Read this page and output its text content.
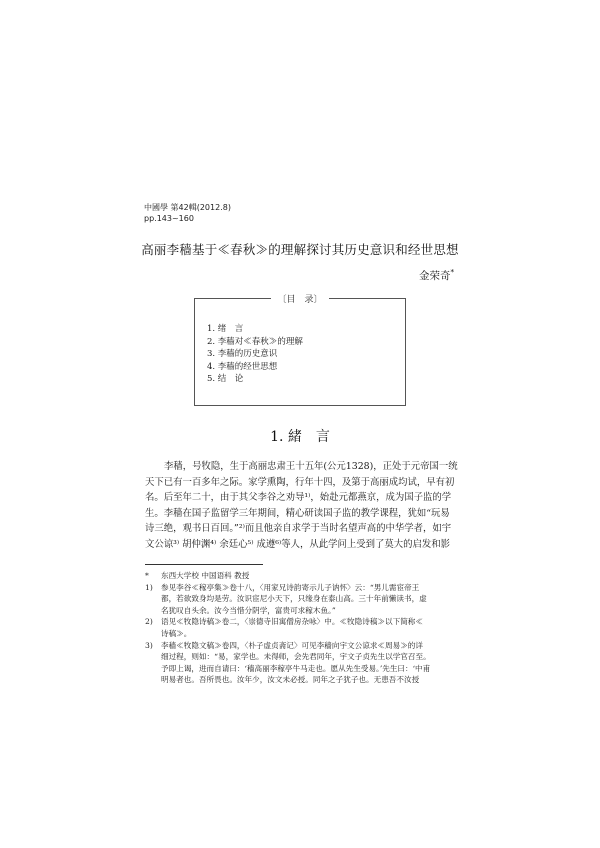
中國學 第42輯(2012.8)
pp.143~160
高丽李穑基于≪春秋≫的理解探讨其历史意识和经世思想
金荣奇*
〔目　录〕
1. 绪　言
2. 李穑对≪春秋≫的理解
3. 李穑的历史意识
4. 李穑的经世思想
5. 结　论
1. 緒　言

李穑，号牧隐，生于高丽忠肃王十五年(公元1328)，正处于元帝国一统
天下已有一百多年之际。家学熏陶，行年十四，及第于高丽成均试，早有初
名。后至年二十，由于其父李谷之劝导¹⁾，始赴元都燕京，成为国子监的学
生。李穑在国子监留学三年期间，精心研读国子监的教学课程，犹如“玩易
诗三绝，观书日百回。”²⁾而且他亲自求学于当时名望声高的中华学者，如宇
文公谅³⁾ 胡仲渊⁴⁾ 余廷心⁵⁾ 成遵⁶⁾等人，从此学问上受到了莫大的启发和影

* 东西大学校 中国语科 教授
1) 参见李谷≪稼亭集≫卷十八，〈用家兄诗韵寄示儿子讷怀〉云：“男儿需宦帝王
都，若欲致身均是劳。汝识宦尼小天下，只缘身在泰山高。三十年前懒读书，虚
名犹叹自头余。汝今当惜分阴学，富贵可求稼木鱼。”
2) 语见≪牧隐诗稿≫卷二，〈崇德寺旧寓僧房杂咏〉中。≪牧隐诗稿≫以下简称≪
诗稿≫。
3) 李穑≪牧隐文稿≫卷四，〈朴子虚贞斋记〉可见李穑向宇文公谅求≪周易≫的详
细过程，则如：“易，家学也。未得师，会先君同年，宇文子贞先生以学官召至。
予即上谒，进而自请曰：‘穑高丽李稼亭牛马走也。愿从先生受易。’先生曰：‘中甫
明易者也。吾所畏也。汝年少，汝文未必授。同年之子犹子也。无患吾不汝授
